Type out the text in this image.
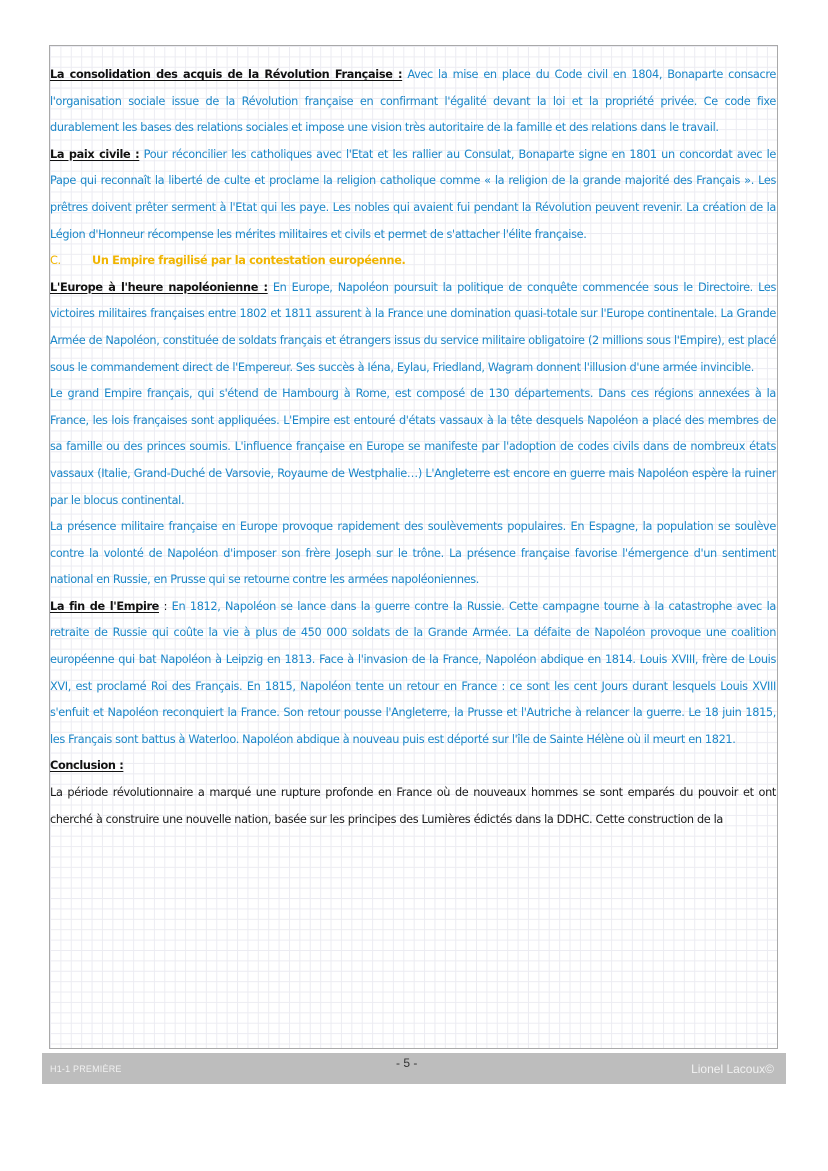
La consolidation des acquis de la Révolution Française : Avec la mise en place du Code civil en 1804, Bonaparte consacre l'organisation sociale issue de la Révolution française en confirmant l'égalité devant la loi et la propriété privée. Ce code fixe durablement les bases des relations sociales et impose une vision très autoritaire de la famille et des relations dans le travail.

La paix civile : Pour réconcilier les catholiques avec l'Etat et les rallier au Consulat, Bonaparte signe en 1801 un concordat avec le Pape qui reconnaît la liberté de culte et proclame la religion catholique comme « la religion de la grande majorité des Français ». Les prêtres doivent prêter serment à l'Etat qui les paye. Les nobles qui avaient fui pendant la Révolution peuvent revenir. La création de la Légion d'Honneur récompense les mérites militaires et civils et permet de s'attacher l'élite française.

C.	Un Empire fragilisé par la contestation européenne.

L'Europe à l'heure napoléonienne : En Europe, Napoléon poursuit la politique de conquête commencée sous le Directoire. Les victoires militaires françaises entre 1802 et 1811 assurent à la France une domination quasi-totale sur l'Europe continentale. La Grande Armée de Napoléon, constituée de soldats français et étrangers issus du service militaire obligatoire (2 millions sous l'Empire), est placé sous le commandement direct de l'Empereur. Ses succès à Iéna, Eylau, Friedland, Wagram donnent l'illusion d'une armée invincible.

Le grand Empire français, qui s'étend de Hambourg à Rome, est composé de 130 départements. Dans ces régions annexées à la France, les lois françaises sont appliquées. L'Empire est entouré d'états vassaux à la tête desquels Napoléon a placé des membres de sa famille ou des princes soumis. L'influence française en Europe se manifeste par l'adoption de codes civils dans de nombreux états vassaux (Italie, Grand-Duché de Varsovie, Royaume de Westphalie…) L'Angleterre est encore en guerre mais Napoléon espère la ruiner par le blocus continental.

La présence militaire française en Europe provoque rapidement des soulèvements populaires. En Espagne, la population se soulève contre la volonté de Napoléon d'imposer son frère Joseph sur le trône. La présence française favorise l'émergence d'un sentiment national en Russie, en Prusse qui se retourne contre les armées napoléoniennes.

La fin de l'Empire : En 1812, Napoléon se lance dans la guerre contre la Russie. Cette campagne tourne à la catastrophe avec la retraite de Russie qui coûte la vie à plus de 450 000 soldats de la Grande Armée. La défaite de Napoléon provoque une coalition européenne qui bat Napoléon à Leipzig en 1813. Face à l'invasion de la France, Napoléon abdique en 1814. Louis XVIII, frère de Louis XVI, est proclamé Roi des Français. En 1815, Napoléon tente un retour en France : ce sont les cent Jours durant lesquels Louis XVIII s'enfuit et Napoléon reconquiert la France. Son retour pousse l'Angleterre, la Prusse et l'Autriche à relancer la guerre. Le 18 juin 1815, les Français sont battus à Waterloo. Napoléon abdique à nouveau puis est déporté sur l'île de Sainte Hélène où il meurt en 1821.

Conclusion :

La période révolutionnaire a marqué une rupture profonde en France où de nouveaux hommes se sont emparés du pouvoir et ont cherché à construire une nouvelle nation, basée sur les principes des Lumières édictés dans la DDHC. Cette construction de la

H1-1 PREMIÈRE	- 5 -	Lionel Lacoux©
